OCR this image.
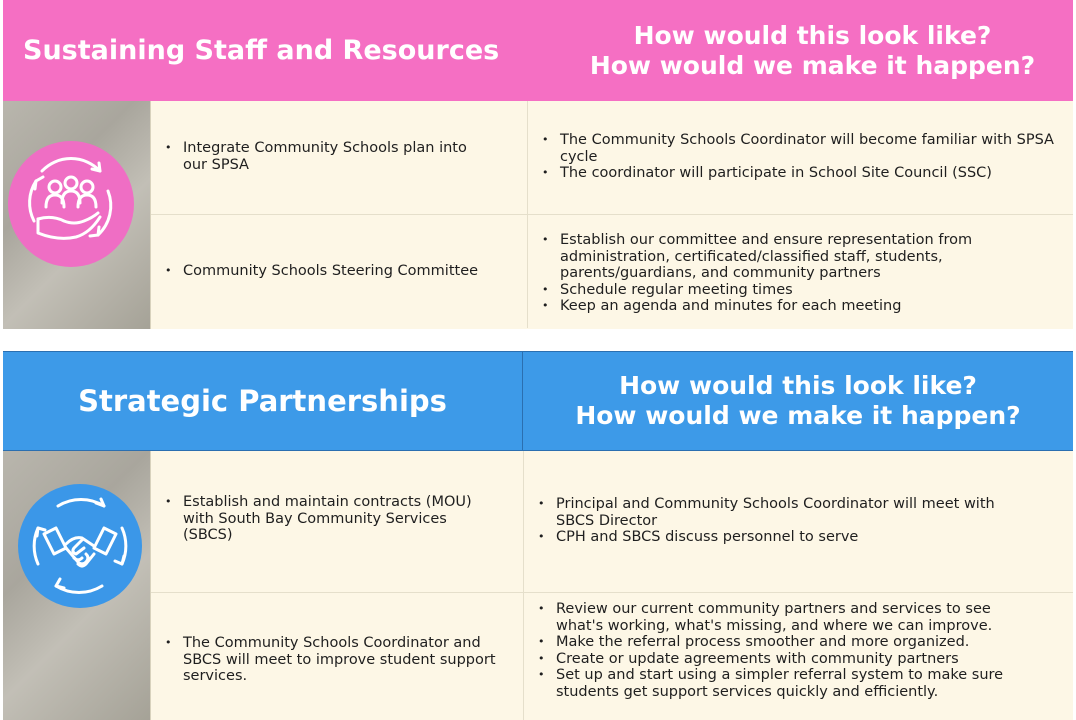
Sustaining Staff and Resources	How would this look like?
How would we make it happen?
• Integrate Community Schools plan into our SPSA
• The Community Schools Coordinator will become familiar with SPSA cycle
• The coordinator will participate in School Site Council (SSC)
• Community Schools Steering Committee
• Establish our committee and ensure representation from administration, certificated/classified staff, students, parents/guardians, and community partners
• Schedule regular meeting times
• Keep an agenda and minutes for each meeting
Strategic Partnerships	How would this look like?
How would we make it happen?
• Establish and maintain contracts (MOU) with South Bay Community Services (SBCS)
• Principal and Community Schools Coordinator will meet with SBCS Director
• CPH and SBCS discuss personnel to serve
• The Community Schools Coordinator and SBCS will meet to improve student support services.
• Review our current community partners and services to see what's working, what's missing, and where we can improve.
• Make the referral process smoother and more organized.
• Create or update agreements with community partners
• Set up and start using a simpler referral system to make sure students get support services quickly and efficiently.
